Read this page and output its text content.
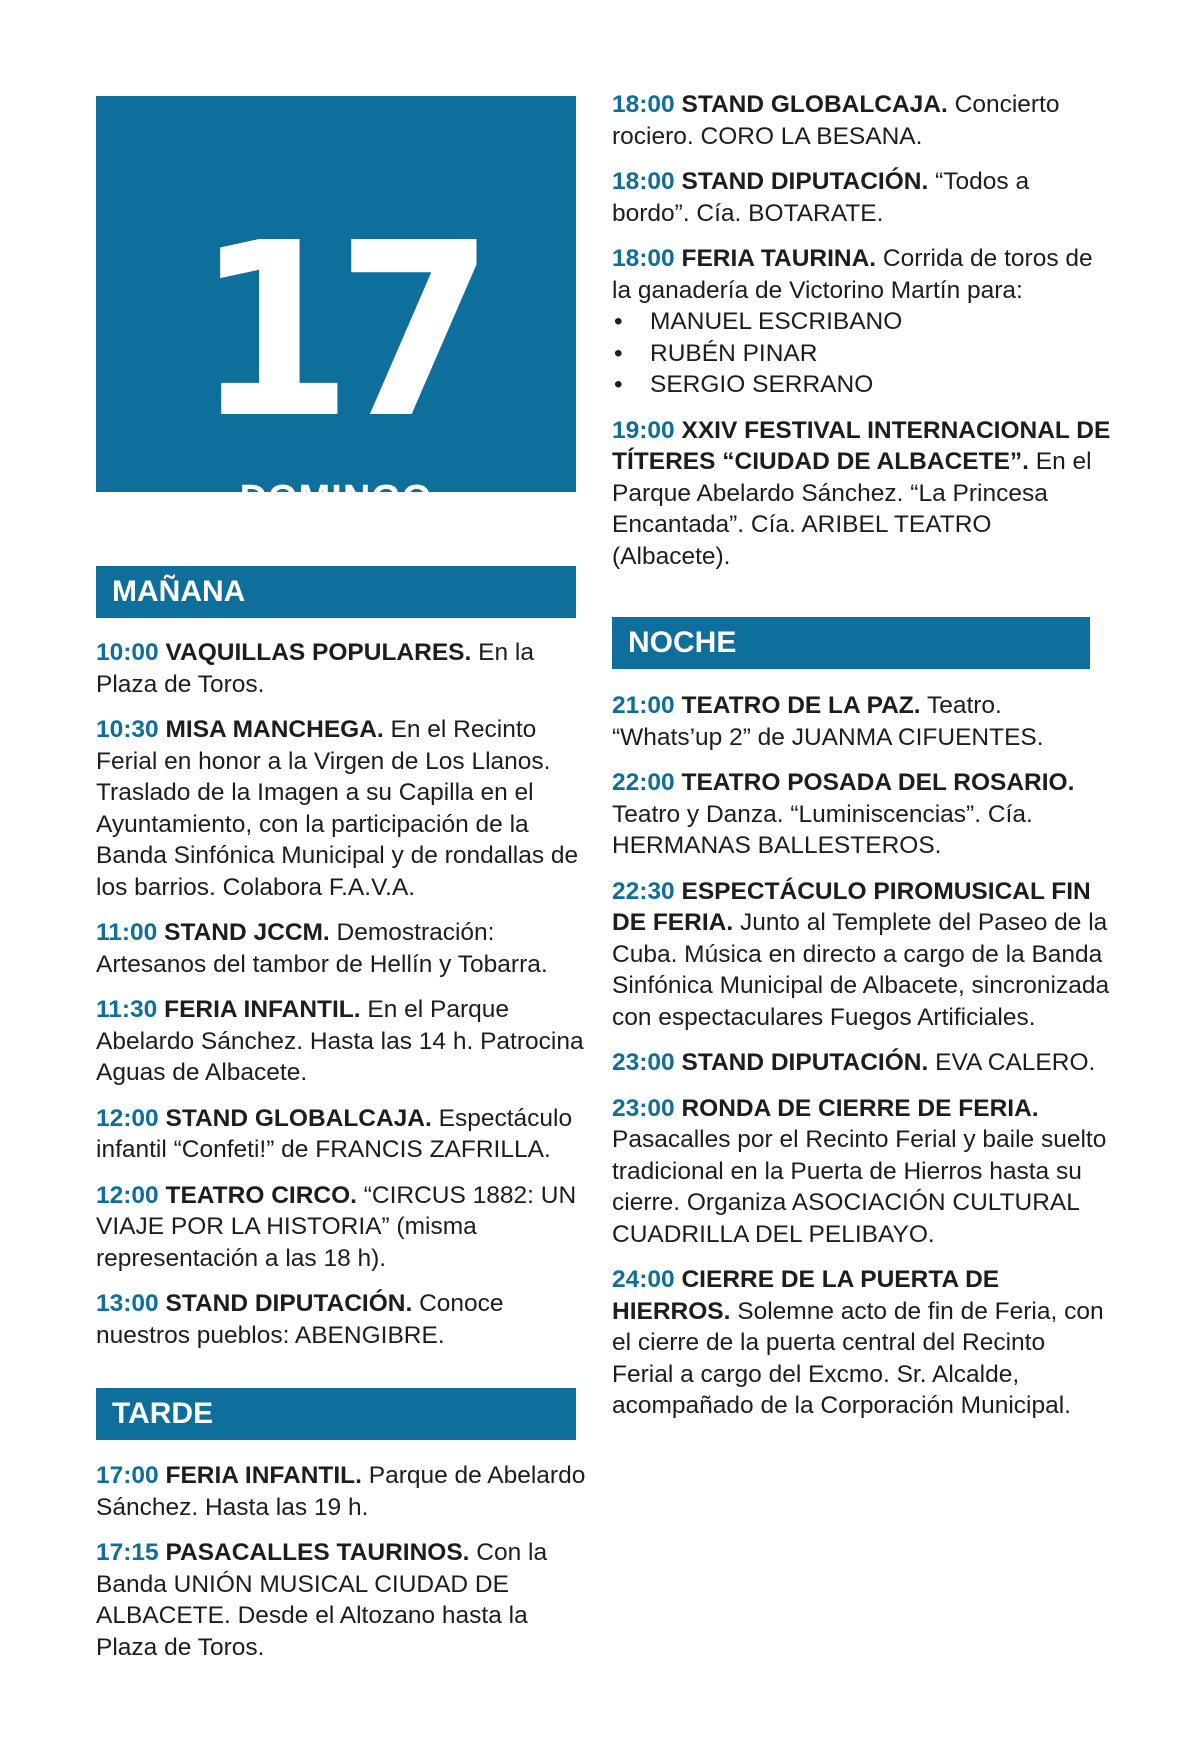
17
— DOMINGO —
MAÑANA
10:00 VAQUILLAS POPULARES. En la Plaza de Toros.
10:30 MISA MANCHEGA. En el Recinto Ferial en honor a la Virgen de Los Llanos. Traslado de la Imagen a su Capilla en el Ayuntamiento, con la participación de la Banda Sinfónica Municipal y de rondallas de los barrios. Colabora F.A.V.A.
11:00 STAND JCCM. Demostración: Artesanos del tambor de Hellín y Tobarra.
11:30 FERIA INFANTIL. En el Parque Abelardo Sánchez. Hasta las 14 h. Patrocina Aguas de Albacete.
12:00 STAND GLOBALCAJA. Espectáculo infantil “Confeti!” de FRANCIS ZAFRILLA.
12:00 TEATRO CIRCO. “CIRCUS 1882: UN VIAJE POR LA HISTORIA” (misma representación a las 18 h).
13:00 STAND DIPUTACIÓN. Conoce nuestros pueblos: ABENGIBRE.
TARDE
17:00 FERIA INFANTIL. Parque de Abelardo Sánchez. Hasta las 19 h.
17:15 PASACALLES TAURINOS. Con la Banda UNIÓN MUSICAL CIUDAD DE ALBACETE. Desde el Altozano hasta la Plaza de Toros.
18:00 STAND GLOBALCAJA. Concierto rociero. CORO LA BESANA.
18:00 STAND DIPUTACIÓN. “Todos a bordo”. Cía. BOTARATE.
18:00 FERIA TAURINA. Corrida de toros de la ganadería de Victorino Martín para:
• MANUEL ESCRIBANO
• RUBÉN PINAR
• SERGIO SERRANO
19:00 XXIV FESTIVAL INTERNACIONAL DE TÍTERES “CIUDAD DE ALBACETE”. En el Parque Abelardo Sánchez. “La Princesa Encantada”. Cía. ARIBEL TEATRO (Albacete).
NOCHE
21:00 TEATRO DE LA PAZ. Teatro. “Whats’up 2” de JUANMA CIFUENTES.
22:00 TEATRO POSADA DEL ROSARIO. Teatro y Danza. “Luminiscencias”. Cía. HERMANAS BALLESTEROS.
22:30 ESPECTÁCULO PIROMUSICAL FIN DE FERIA. Junto al Templete del Paseo de la Cuba. Música en directo a cargo de la Banda Sinfónica Municipal de Albacete, sincronizada con espectaculares Fuegos Artificiales.
23:00 STAND DIPUTACIÓN. EVA CALERO.
23:00 RONDA DE CIERRE DE FERIA. Pasacalles por el Recinto Ferial y baile suelto tradicional en la Puerta de Hierros hasta su cierre. Organiza ASOCIACIÓN CULTURAL CUADRILLA DEL PELIBAYO.
24:00 CIERRE DE LA PUERTA DE HIERROS. Solemne acto de fin de Feria, con el cierre de la puerta central del Recinto Ferial a cargo del Excmo. Sr. Alcalde, acompañado de la Corporación Municipal.
